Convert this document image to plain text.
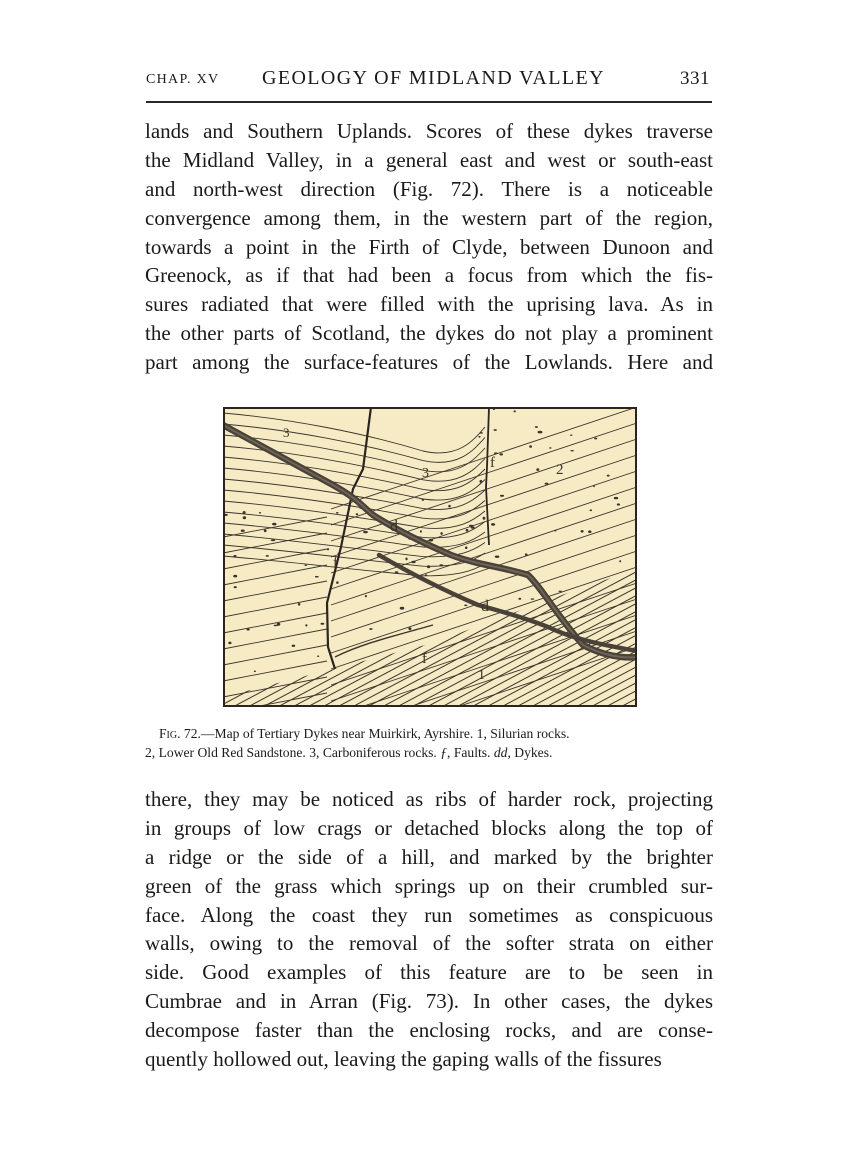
CHAP. XV GEOLOGY OF MIDLAND VALLEY	331

lands and Southern Uplands. Scores of these dykes traverse
the Midland Valley, in a general east and west or south-east
and north-west direction (Fig. 72). There is a noticeable
convergence among them, in the western part of the region,
towards a point in the Firth of Clyde, between Dunoon and
Greenock, as if that had been a focus from which the fis-
sures radiated that were filled with the uprising lava. As in
the other parts of Scotland, the dykes do not play a prominent
part among the surface-features of the Lowlands. Here and

3
3	2
1
f
f
f
d
d
Fig. 72.—Map of Tertiary Dykes near Muirkirk, Ayrshire. 1, Silurian rocks.
2, Lower Old Red Sandstone. 3, Carboniferous rocks. ƒ, Faults. dd, Dykes.

there, they may be noticed as ribs of harder rock, projecting
in groups of low crags or detached blocks along the top of
a ridge or the side of a hill, and marked by the brighter
green of the grass which springs up on their crumbled sur-
face. Along the coast they run sometimes as conspicuous
walls, owing to the removal of the softer strata on either
side. Good examples of this feature are to be seen in
Cumbrae and in Arran (Fig. 73). In other cases, the dykes
decompose faster than the enclosing rocks, and are conse-
quently hollowed out, leaving the gaping walls of the fissures
